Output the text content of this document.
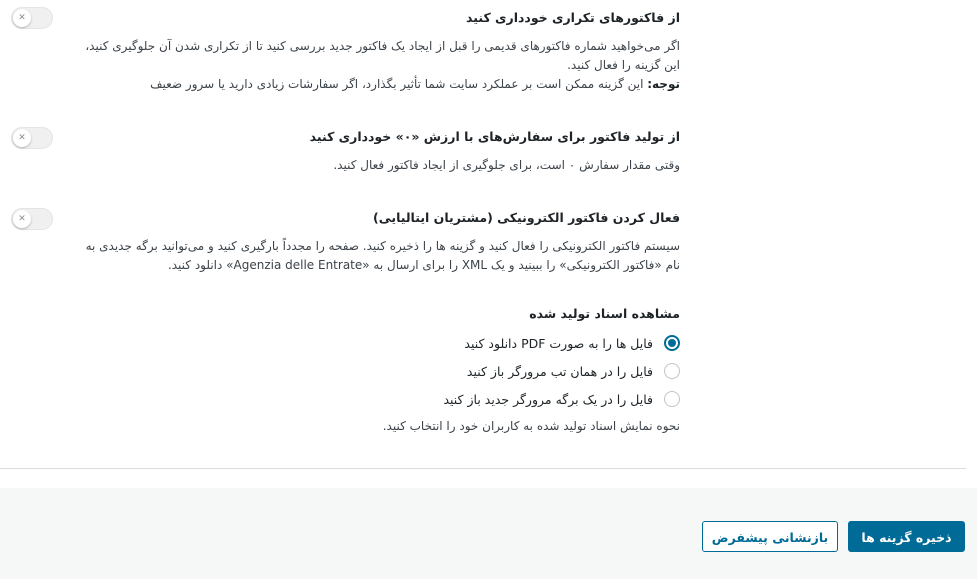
✕	از فاکتورهای تکراری خودداری کنید
اگر می‌خواهید شماره فاکتورهای قدیمی را قبل از ایجاد یک فاکتور جدید بررسی کنید تا از تکراری شدن آن جلوگیری کنید، این گزینه را فعال کنید.
توجه: این گزینه ممکن است بر عملکرد سایت شما تأثیر بگذارد، اگر سفارشات زیادی دارید یا سرور ضعیف
✕	از تولید فاکتور برای سفارش‌های با ارزش «۰» خودداری کنید
وقتی مقدار سفارش ۰ است، برای جلوگیری از ایجاد فاکتور فعال کنید.
✕	فعال کردن فاکتور الکترونیکی (مشتریان ایتالیایی)
سیستم فاکتور الکترونیکی را فعال کنید و گزینه ها را ذخیره کنید. صفحه را مجدداً بارگیری کنید و می‌توانید برگه جدیدی به نام «فاکتور الکترونیکی» را ببینید و یک XML را برای ارسال به «Agenzia delle Entrate» دانلود کنید.
مشاهده اسناد تولید شده
فایل ها را به صورت PDF دانلود کنید
فایل را در همان تب مرورگر باز کنید
فایل را در یک برگه مرورگر جدید باز کنید
نحوه نمایش اسناد تولید شده به کاربران خود را انتخاب کنید.
ذخیره گزینه ها
بازنشانی پیشفرض
